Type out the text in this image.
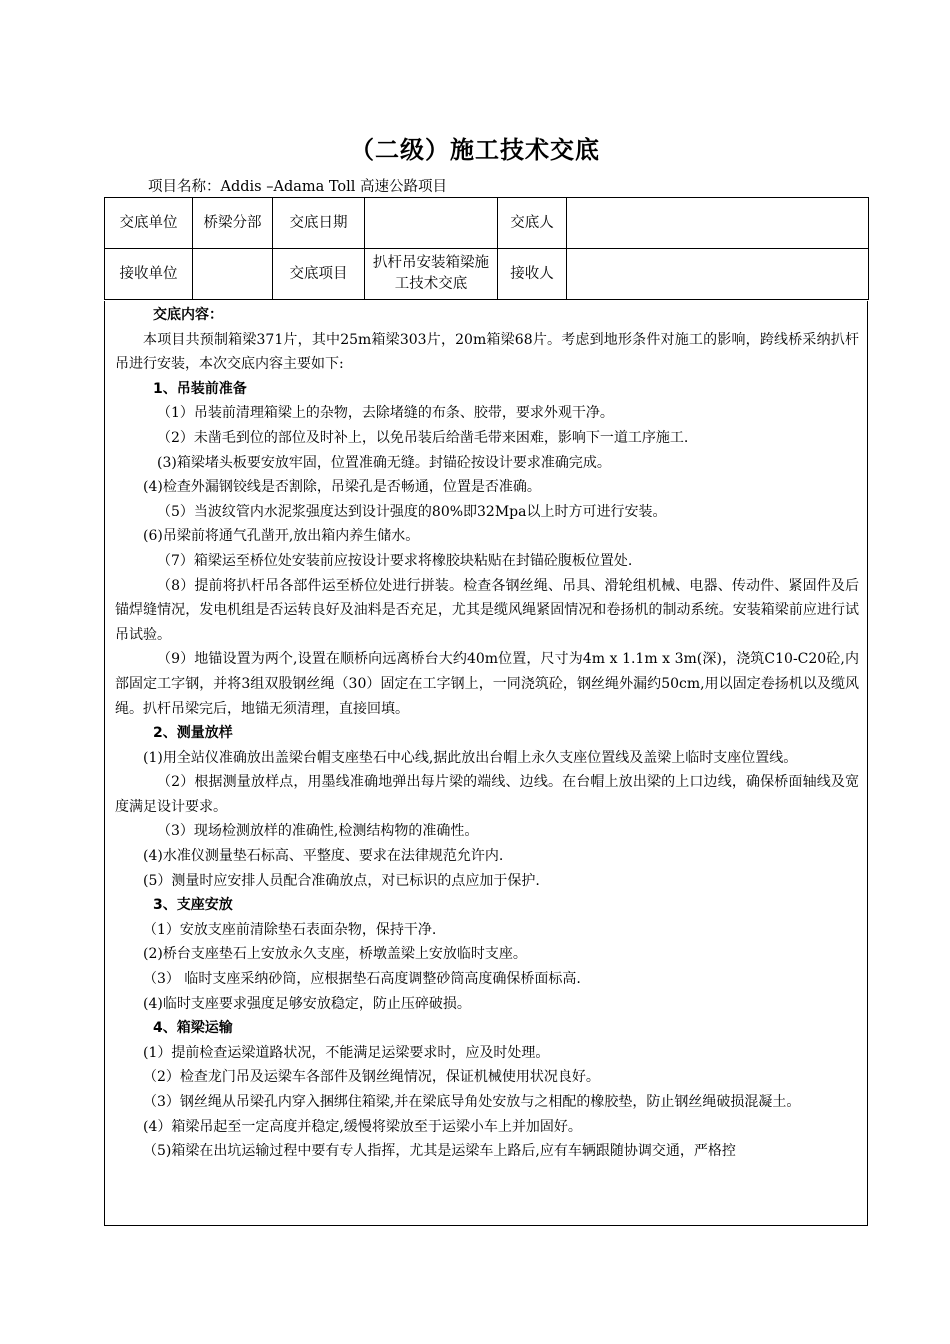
（二级）施工技术交底
项目名称：Addis –Adama Toll 高速公路项目
交底单位	桥梁分部	交底日期		交底人	
接收单位		交底项目	扒杆吊安装箱梁施工技术交底	接收人	

交底内容：

本项目共预制箱梁371片，其中25m箱梁303片，20m箱梁68片。考虑到地形条件对施工的影响，跨线桥采纳扒杆吊进行安装，本次交底内容主要如下:

1、吊装前准备

（1）吊装前清理箱梁上的杂物，去除堵缝的布条、胶带，要求外观干净。

（2）未凿毛到位的部位及时补上，以免吊装后给凿毛带来困难，影响下一道工序施工.

(3)箱梁堵头板要安放牢固，位置准确无缝。封锚砼按设计要求准确完成。

(4)检查外漏钢铰线是否割除，吊梁孔是否畅通，位置是否准确。

（5）当波纹管内水泥浆强度达到设计强度的80%即32Mpa以上时方可进行安装。

(6)吊梁前将通气孔凿开,放出箱内养生储水。

（7）箱梁运至桥位处安装前应按设计要求将橡胶块粘贴在封锚砼腹板位置处.

（8）提前将扒杆吊各部件运至桥位处进行拼装。检查各钢丝绳、吊具、滑轮组机械、电器、传动件、紧固件及后锚焊缝情况，发电机组是否运转良好及油料是否充足，尤其是缆风绳紧固情况和卷扬机的制动系统。安装箱梁前应进行试吊试验。

（9）地锚设置为两个,设置在顺桥向远离桥台大约40m位置，尺寸为4m x 1.1m x 3m(深)，浇筑C10-C20砼,内部固定工字钢，并将3组双股钢丝绳（30）固定在工字钢上，一同浇筑砼，钢丝绳外漏约50cm,用以固定卷扬机以及缆风绳。扒杆吊梁完后，地锚无须清理，直接回填。

2、测量放样

(1)用全站仪准确放出盖梁台帽支座垫石中心线,据此放出台帽上永久支座位置线及盖梁上临时支座位置线。

（2）根据测量放样点，用墨线准确地弹出每片梁的端线、边线。在台帽上放出梁的上口边线，确保桥面轴线及宽度满足设计要求。

（3）现场检测放样的准确性,检测结构物的准确性。

(4)水准仪测量垫石标高、平整度、要求在法律规范允许内.

(5）测量时应安排人员配合准确放点，对已标识的点应加于保护.

3、支座安放

（1）安放支座前清除垫石表面杂物，保持干净.

(2)桥台支座垫石上安放永久支座，桥墩盖梁上安放临时支座。

（3） 临时支座采纳砂筒，应根据垫石高度调整砂筒高度确保桥面标高.

(4)临时支座要求强度足够安放稳定，防止压碎破损。

4、箱梁运输

(1）提前检查运梁道路状况，不能满足运梁要求时，应及时处理。

（2）检查龙门吊及运梁车各部件及钢丝绳情况，保证机械使用状况良好。

（3）钢丝绳从吊梁孔内穿入捆绑住箱梁,并在梁底导角处安放与之相配的橡胶垫，防止钢丝绳破损混凝土。

(4）箱梁吊起至一定高度并稳定,缓慢将梁放至于运梁小车上并加固好。

（5)箱梁在出坑运输过程中要有专人指挥，尤其是运梁车上路后,应有车辆跟随协调交通，严格控
